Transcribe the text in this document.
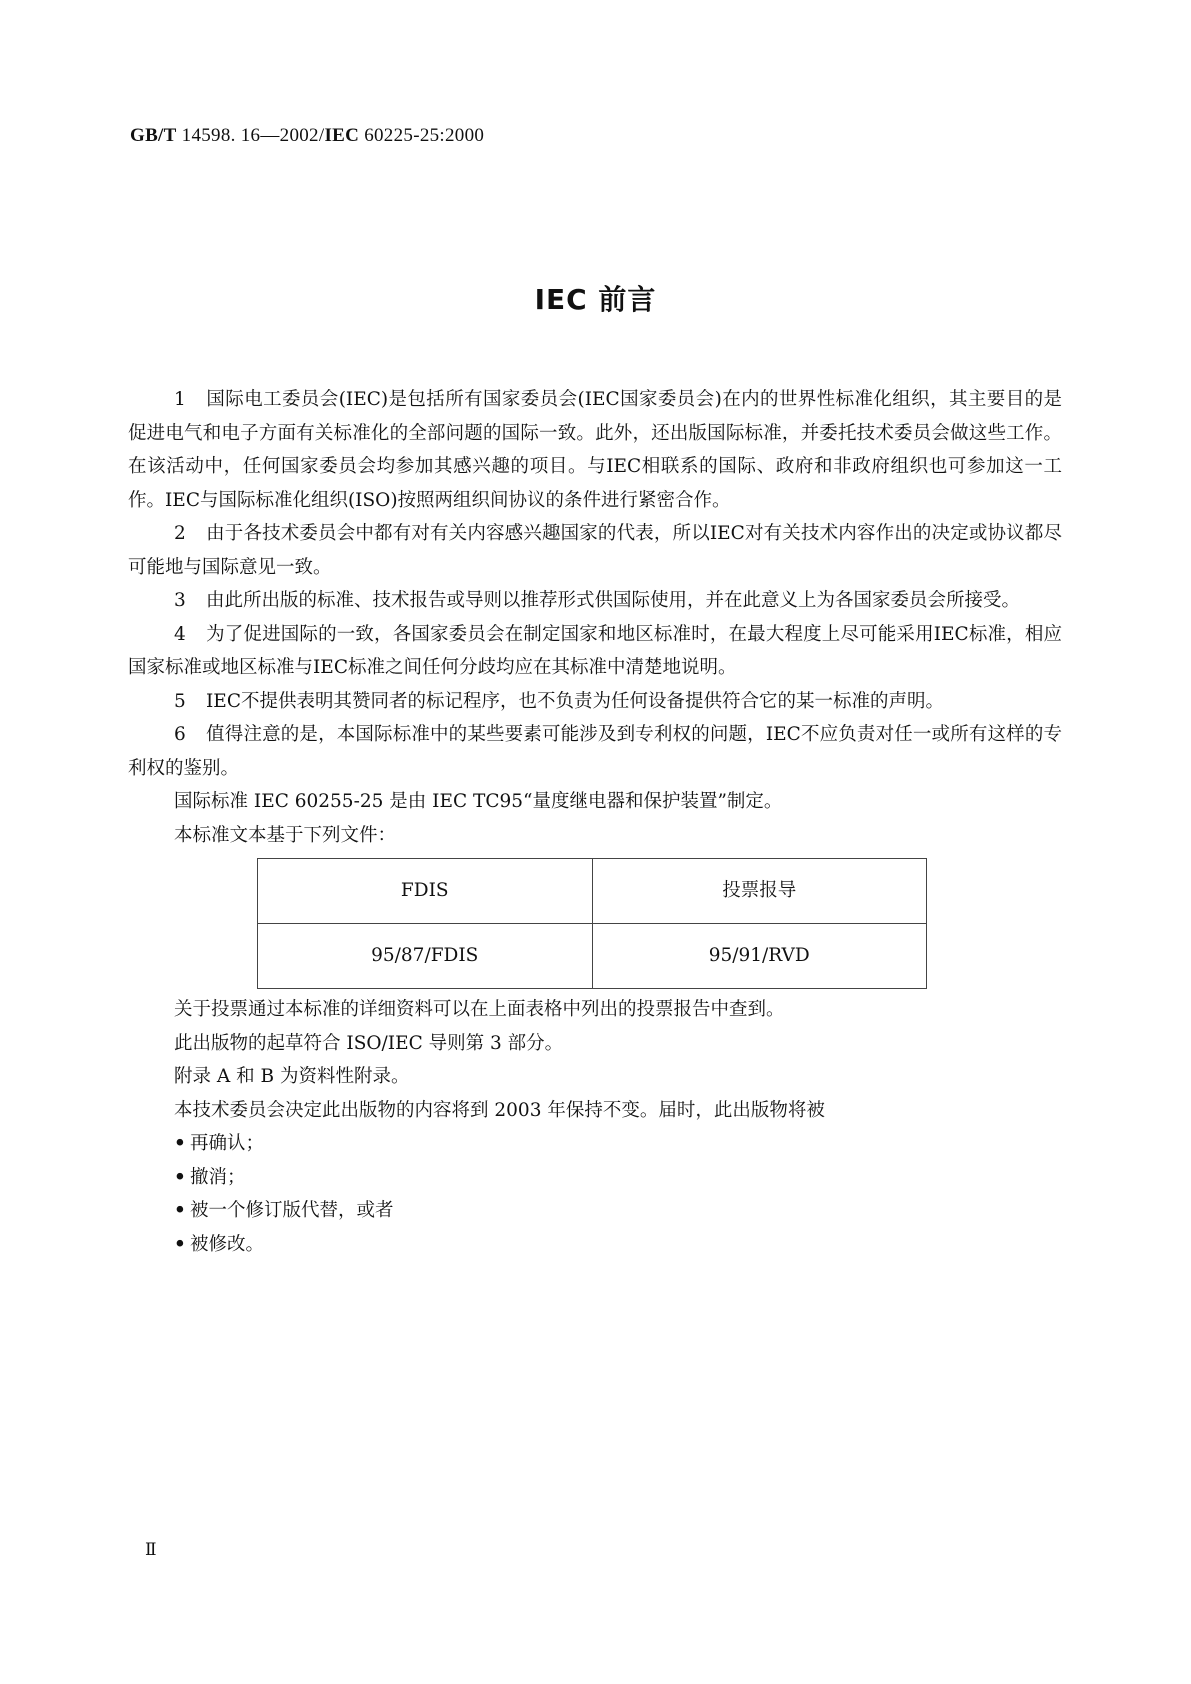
GB/T 14598. 16—2002/IEC 60225-25:2000
IEC 前言

1 国际电工委员会(IEC)是包括所有国家委员会(IEC国家委员会)在内的世界性标准化组织，其主要目的是促进电气和电子方面有关标准化的全部问题的国际一致。此外，还出版国际标准，并委托技术委员会做这些工作。在该活动中，任何国家委员会均参加其感兴趣的项目。与IEC相联系的国际、政府和非政府组织也可参加这一工作。IEC与国际标准化组织(ISO)按照两组织间协议的条件进行紧密合作。

2 由于各技术委员会中都有对有关内容感兴趣国家的代表，所以IEC对有关技术内容作出的决定或协议都尽可能地与国际意见一致。

3 由此所出版的标准、技术报告或导则以推荐形式供国际使用，并在此意义上为各国家委员会所接受。

4 为了促进国际的一致，各国家委员会在制定国家和地区标准时，在最大程度上尽可能采用IEC标准，相应国家标准或地区标准与IEC标准之间任何分歧均应在其标准中清楚地说明。

5 IEC不提供表明其赞同者的标记程序，也不负责为任何设备提供符合它的某一标准的声明。

6 值得注意的是，本国际标准中的某些要素可能涉及到专利权的问题，IEC不应负责对任一或所有这样的专利权的鉴别。

国际标准 IEC 60255-25 是由 IEC TC95“量度继电器和保护装置”制定。

本标准文本基于下列文件：

FDIS	投票报导
95/87/FDIS	95/91/RVD

关于投票通过本标准的详细资料可以在上面表格中列出的投票报告中查到。

此出版物的起草符合 ISO/IEC 导则第 3 部分。

附录 A 和 B 为资料性附录。

本技术委员会决定此出版物的内容将到 2003 年保持不变。届时，此出版物将被

• 再确认；

• 撤消；

• 被一个修订版代替，或者

• 被修改。

Ⅱ
